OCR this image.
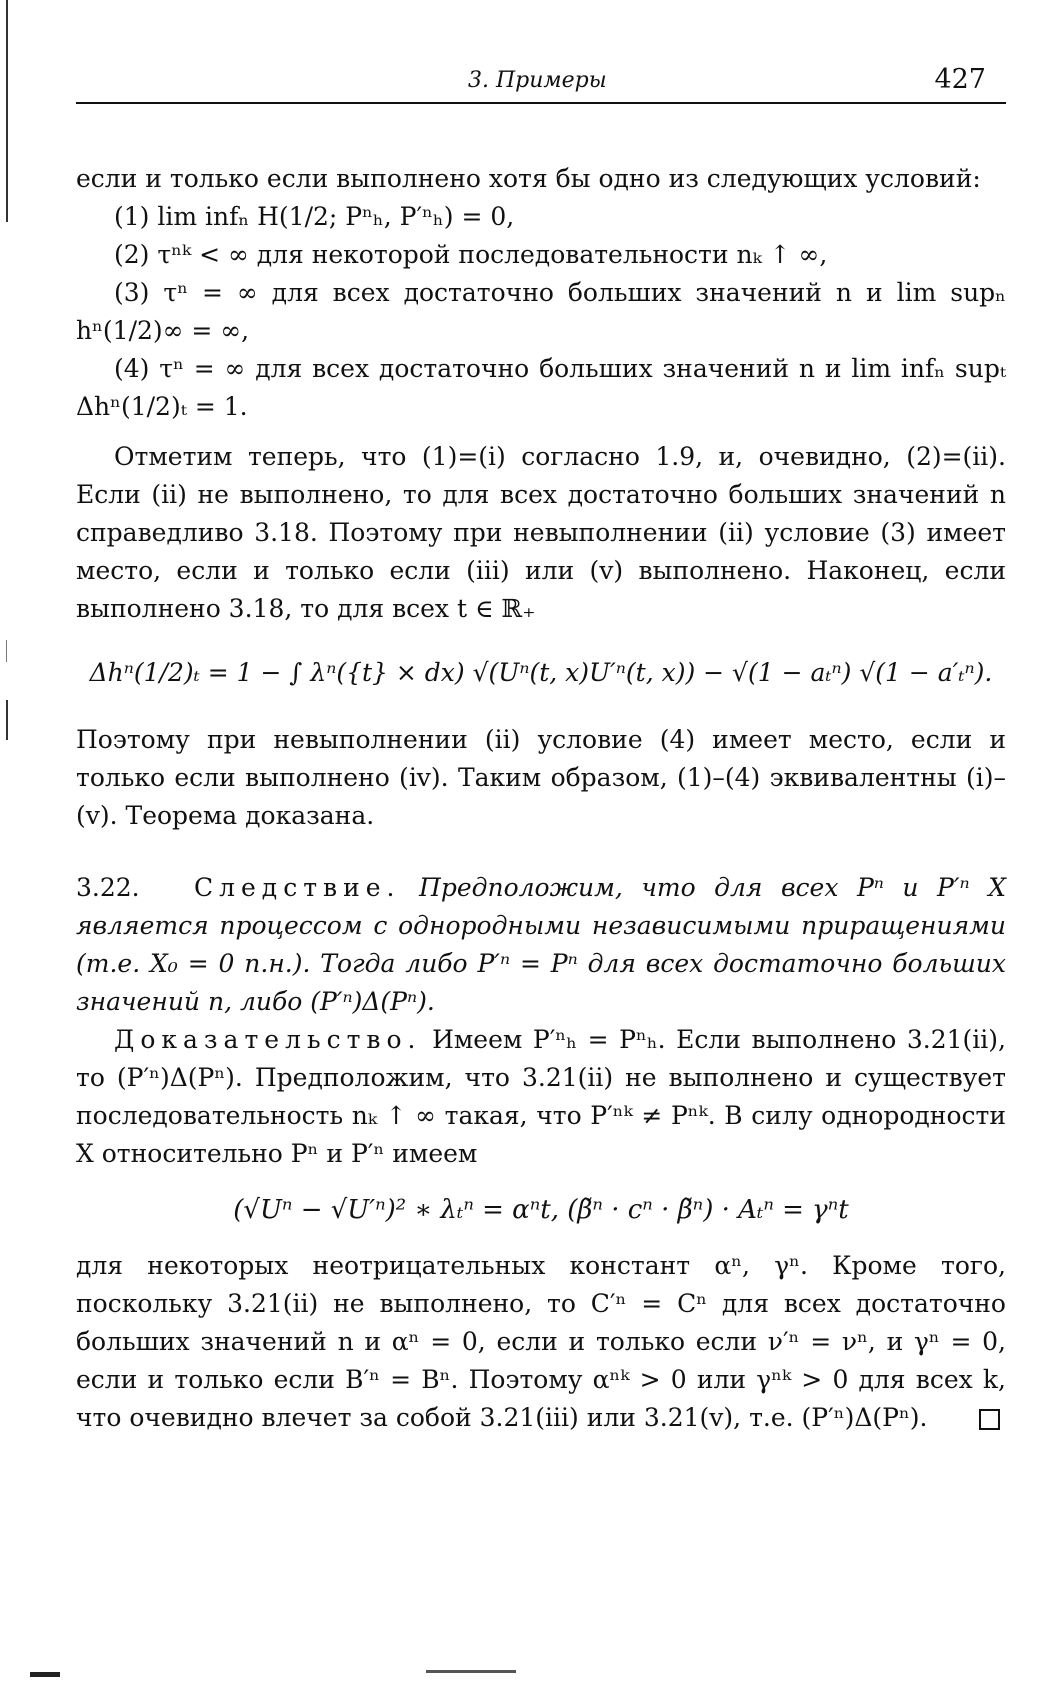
3. Примеры	427

если и только если выполнено хотя бы одно из следующих условий:

(1) lim infₙ H(1/2; Pⁿₕ, P′ⁿₕ) = 0,
(2) τⁿᵏ < ∞ для некоторой последовательности nₖ ↑ ∞,

(3) τⁿ = ∞ для всех достаточно больших значений n и lim supₙ hⁿ(1/2)∞ = ∞,

(4) τⁿ = ∞ для всех достаточно больших значений n и lim infₙ supₜ Δhⁿ(1/2)ₜ = 1.

Отметим теперь, что (1)=(i) согласно 1.9, и, очевидно, (2)=(ii). Если (ii) не выполнено, то для всех достаточно больших значений n справедливо 3.18. Поэтому при невыполнении (ii) условие (3) имеет место, если и только если (iii) или (v) выполнено. Наконец, если выполнено 3.18, то для всех t ∈ ℝ₊

Δhⁿ(1/2)ₜ = 1 − ∫ λⁿ({t} × dx) √(Uⁿ(t, x)U′ⁿ(t, x)) − √(1 − aₜⁿ) √(1 − a′ₜⁿ).

Поэтому при невыполнении (ii) условие (4) имеет место, если и только если выполнено (iv). Таким образом, (1)–(4) эквивалентны (i)–(v). Теорема доказана.

3.22. Следствие. Предположим, что для всех Pⁿ и P′ⁿ X является процессом с однородными независимыми приращениями (т.е. X₀ = 0 п.н.). Тогда либо P′ⁿ = Pⁿ для всех достаточно больших значений n, либо (P′ⁿ)Δ(Pⁿ).

Доказательство. Имеем P′ⁿₕ = Pⁿₕ. Если выполнено 3.21(ii), то (P′ⁿ)Δ(Pⁿ). Предположим, что 3.21(ii) не выполнено и существует последовательность nₖ ↑ ∞ такая, что P′ⁿᵏ ≠ Pⁿᵏ. В силу однородности X относительно Pⁿ и P′ⁿ имеем

(√Uⁿ − √U′ⁿ)² ∗ λₜⁿ = αⁿt, (β̃ⁿ · cⁿ · β̃ⁿ) · Aₜⁿ = γⁿt

для некоторых неотрицательных констант αⁿ, γⁿ. Кроме того, поскольку 3.21(ii) не выполнено, то C′ⁿ = Cⁿ для всех достаточно больших значений n и αⁿ = 0, если и только если ν′ⁿ = νⁿ, и γⁿ = 0, если и только если B′ⁿ = Bⁿ. Поэтому αⁿᵏ > 0 или γⁿᵏ > 0 для всех k, что очевидно влечет за собой 3.21(iii) или 3.21(v), т.е. (P′ⁿ)Δ(Pⁿ).
